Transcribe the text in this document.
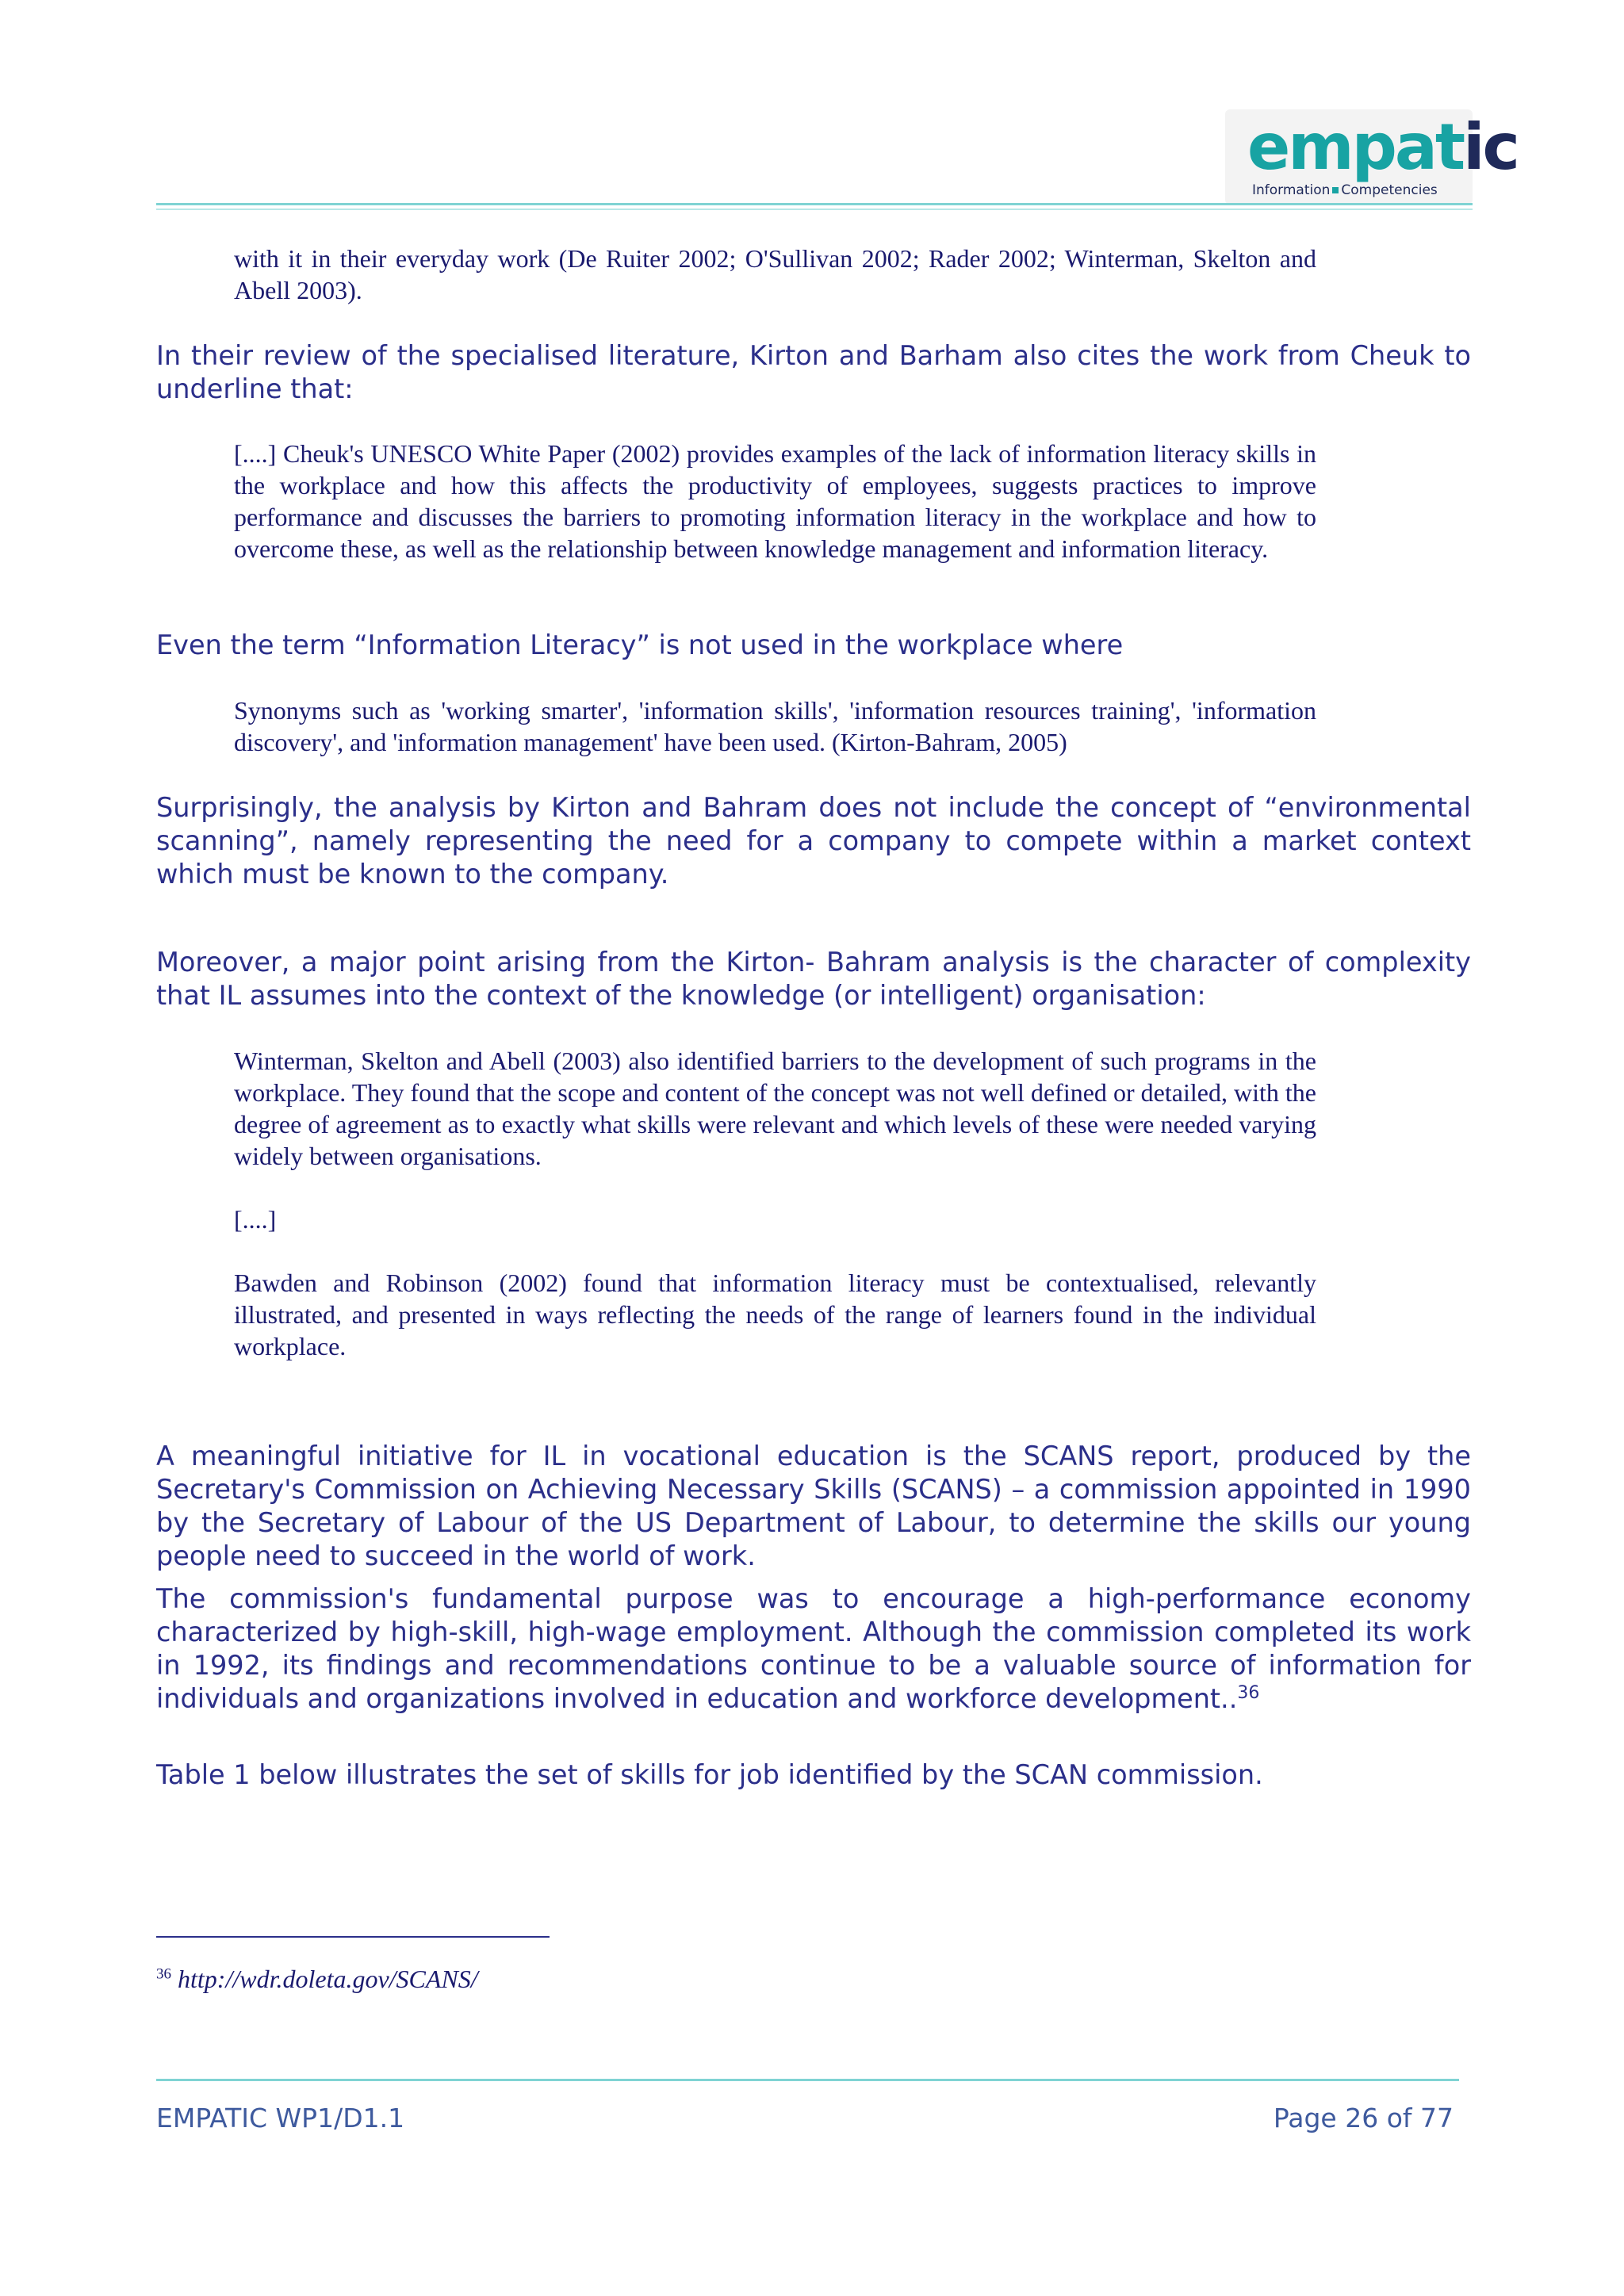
empatic
Information Competencies

with it in their everyday work (De Ruiter 2002; O'Sullivan 2002; Rader 2002; Winterman, Skelton and Abell 2003).

In their review of the specialised literature, Kirton and Barham also cites the work from Cheuk to underline that:

[....] Cheuk's UNESCO White Paper (2002) provides examples of the lack of information literacy skills in the workplace and how this affects the productivity of employees, suggests practices to improve performance and discusses the barriers to promoting information literacy in the workplace and how to overcome these, as well as the relationship between knowledge management and information literacy.

Even the term “Information Literacy” is not used in the workplace where

Synonyms such as 'working smarter', 'information skills', 'information resources training', 'information discovery', and 'information management' have been used. (Kirton-Bahram, 2005)

Surprisingly, the analysis by Kirton and Bahram does not include the concept of “environmental scanning”, namely representing the need for a company to compete within a market context which must be known to the company.

Moreover, a major point arising from the Kirton- Bahram analysis is the character of complexity that IL assumes into the context of the knowledge (or intelligent) organisation:

Winterman, Skelton and Abell (2003) also identified barriers to the development of such programs in the workplace. They found that the scope and content of the concept was not well defined or detailed, with the degree of agreement as to exactly what skills were relevant and which levels of these were needed varying widely between organisations.

[....]

Bawden and Robinson (2002) found that information literacy must be contextualised, relevantly illustrated, and presented in ways reflecting the needs of the range of learners found in the individual workplace.

A meaningful initiative for IL in vocational education is the SCANS report, produced by the Secretary's Commission on Achieving Necessary Skills (SCANS) – a commission appointed in 1990 by the Secretary of Labour of the US Department of Labour, to determine the skills our young people need to succeed in the world of work.

The commission's fundamental purpose was to encourage a high-performance economy characterized by high-skill, high-wage employment. Although the commission completed its work in 1992, its findings and recommendations continue to be a valuable source of information for individuals and organizations involved in education and workforce development..$^{36}$

Table 1 below illustrates the set of skills for job identified by the SCAN commission.

$^{36}$ http://wdr.doleta.gov/SCANS/
EMPATIC WP1/D1.1	Page 26 of 77
